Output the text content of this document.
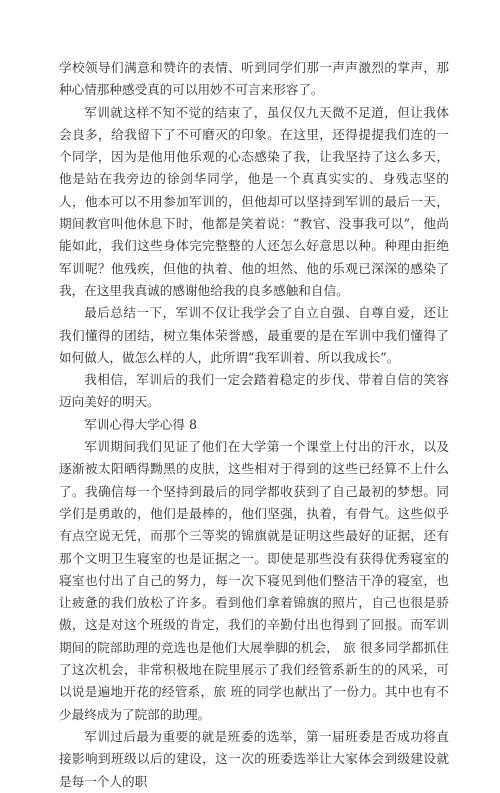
学校领导们满意和赞许的表情、听到同学们那一声声激烈的掌声，那种心情那种感受真的可以用妙不可言来形容了。

军训就这样不知不觉的结束了，虽仅仅九天微不足道，但让我体会良多，给我留下了不可磨灭的印象。在这里，还得提提我们连的一个同学，因为是他用他乐观的心态感染了我，让我坚持了这么多天，他是站在我旁边的徐剑华同学，他是一个真真实实的、身残志坚的人，他本可以不用参加军训的，但他却可以坚持到军训的最后一天，期间教官叫他休息下时，他都是笑着说：“教官、没事我可以”，他尚能如此，我们这些身体完完整整的人还怎么好意思以种。种理由拒绝军训呢？他残疾，但他的执着、他的坦然、他的乐观已深深的感染了我，在这里我真诚的感谢他给我的良多感触和自信。

最后总结一下，军训不仅让我学会了自立自强、自尊自爱，还让我们懂得的团结，树立集体荣誉感，最重要的是在军训中我们懂得了如何做人，做怎么样的人，此所谓“我军训着、所以我成长”。

我相信，军训后的我们一定会踏着稳定的步伐、带着自信的笑容迈向美好的明天。

军训心得大学心得 8

军训期间我们见证了他们在大学第一个课堂上付出的汗水，以及逐渐被太阳晒得黝黑的皮肤，这些相对于得到的这些已经算不上什么了。我确信每一个坚持到最后的同学都收获到了自己最初的梦想。同学们是勇敢的，他们是最棒的，他们坚强，执着，有骨气。这些似乎有点空说无凭，而那个三等奖的锦旗就是证明这些最好的证据，还有那个文明卫生寝室的也是证据之一。即使是那些没有获得优秀寝室的寝室也付出了自己的努力，每一次下寝见到他们整洁干净的寝室，也让疲惫的我们放松了许多。看到他们拿着锦旗的照片，自己也很是骄傲，这是对这个班级的肯定，我们的辛勤付出也得到了回报。而军训期间的院部助理的竞选也是他们大展拳脚的机会， 旅 很多同学都抓住了这次机会，非常积极地在院里展示了我们经管系新生的的风采，可以说是遍地开花的经管系，旅 班的同学也献出了一份力。其中也有不少最终成为了院部的助理。

军训过后最为重要的就是班委的选举，第一届班委是否成功将直接影响到班级以后的建设，这一次的班委选举让大家体会到级建设就是每一个人的职
